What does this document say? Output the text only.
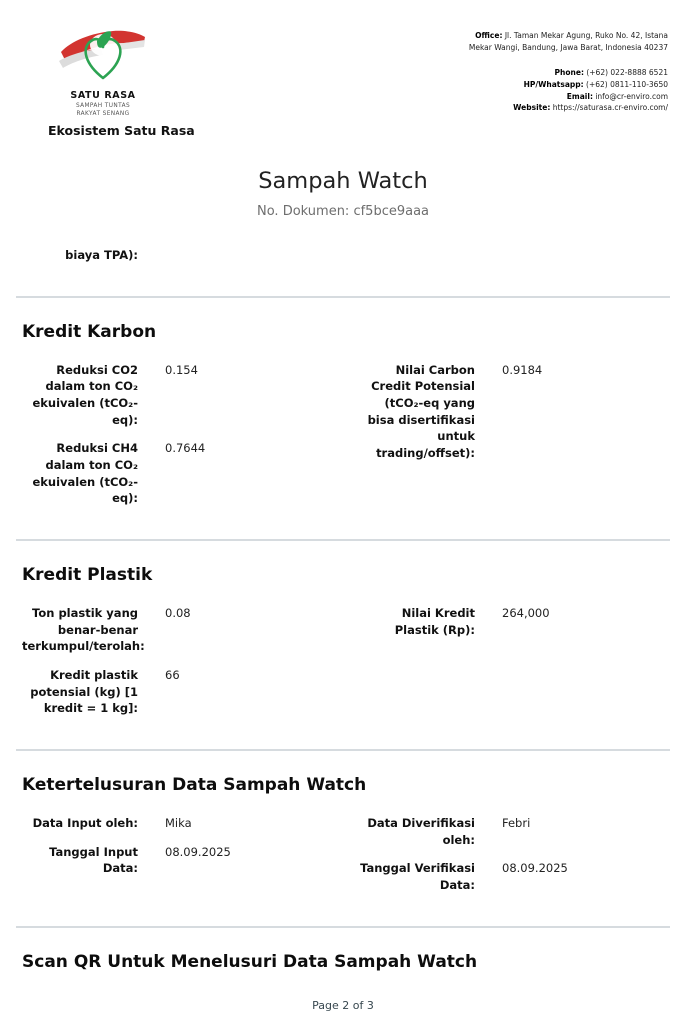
SATU RASA
SAMPAH TUNTAS
RAKYAT SENANG
Ekosistem Satu Rasa
Office: Jl. Taman Mekar Agung, Ruko No. 42, Istana Mekar Wangi, Bandung, Jawa Barat, Indonesia 40237
Phone: (+62) 022-8888 6521
HP/Whatsapp: (+62) 0811-110-3650
Email: info@cr-enviro.com
Website: https://saturasa.cr-enviro.com/
Sampah Watch
No. Dokumen: cf5bce9aaa
biaya TPA):
Kredit Karbon
Reduksi CO2 dalam ton CO₂ ekuivalen (tCO₂-eq):
0.154
Reduksi CH4 dalam ton CO₂ ekuivalen (tCO₂-eq):
0.7644
Nilai Carbon Credit Potensial (tCO₂-eq yang bisa disertifikasi untuk trading/offset):
0.9184
Kredit Plastik
Ton plastik yang benar-benar terkumpul/terolah:
0.08
Kredit plastik potensial (kg) [1 kredit = 1 kg]:
66
Nilai Kredit Plastik (Rp):
264,000
Ketertelusuran Data Sampah Watch
Data Input oleh: Mika
Tanggal Input Data:
08.09.2025
Data Diverifikasi oleh:
Febri
Tanggal Verifikasi Data:
08.09.2025
Scan QR Untuk Menelusuri Data Sampah Watch
Page 2 of 3
